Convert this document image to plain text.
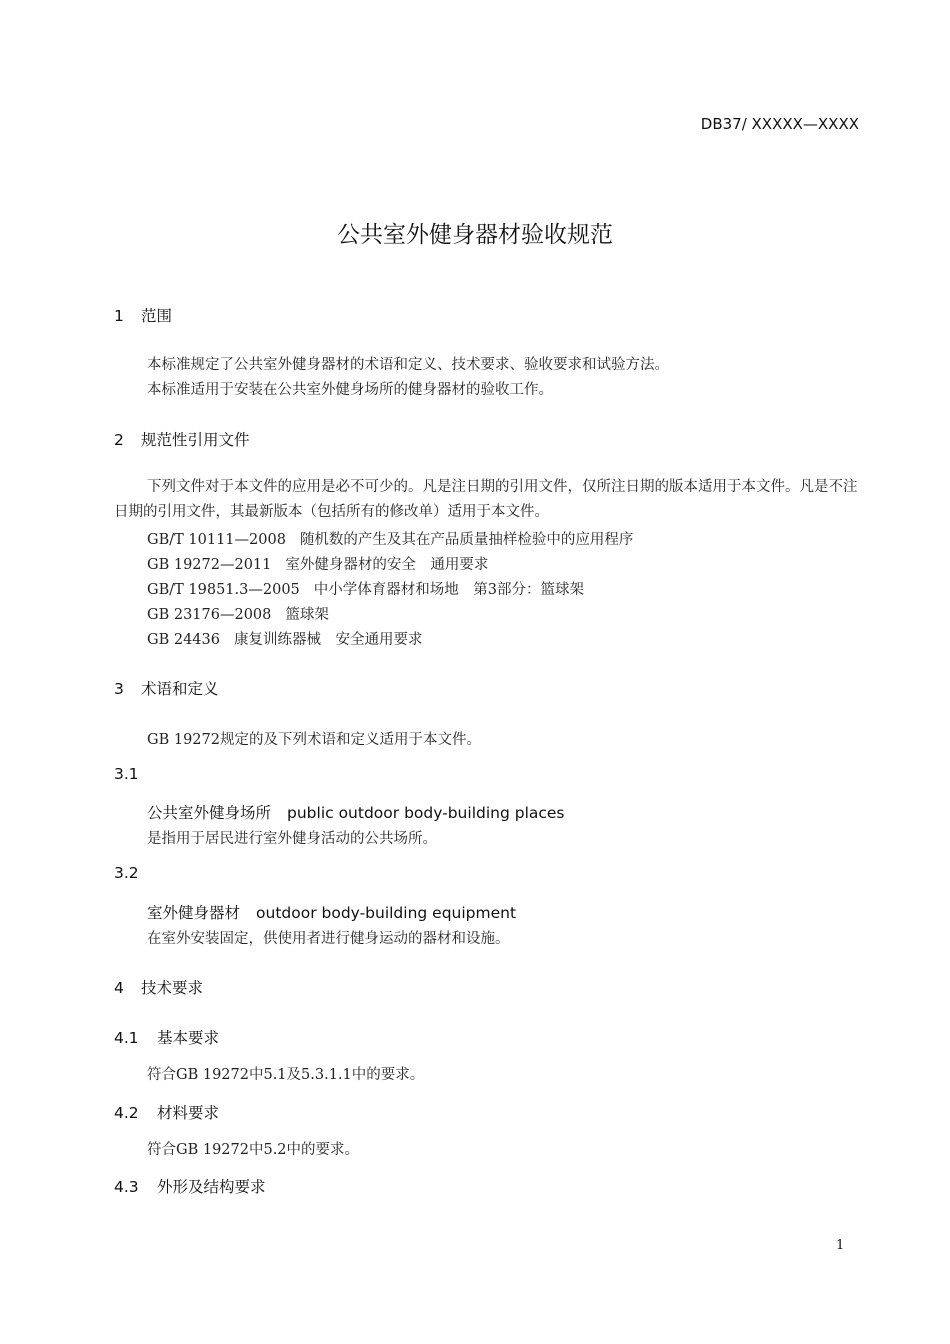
DB37/ XXXXX—XXXX
公共室外健身器材验收规范
1 范围
本标准规定了公共室外健身器材的术语和定义、技术要求、验收要求和试验方法。
本标准适用于安装在公共室外健身场所的健身器材的验收工作。
2 规范性引用文件
下列文件对于本文件的应用是必不可少的。凡是注日期的引用文件，仅所注日期的版本适用于本文件。凡是不注日期的引用文件，其最新版本（包括所有的修改单）适用于本文件。
GB/T 10111—2008 随机数的产生及其在产品质量抽样检验中的应用程序
GB 19272—2011 室外健身器材的安全　通用要求
GB/T 19851.3—2005 中小学体育器材和场地　第3部分：篮球架
GB 23176—2008 篮球架
GB 24436 康复训练器械　安全通用要求
3 术语和定义
GB 19272规定的及下列术语和定义适用于本文件。
3.1
公共室外健身场所 public outdoor body-building places
是指用于居民进行室外健身活动的公共场所。
3.2
室外健身器材 outdoor body-building equipment
在室外安装固定，供使用者进行健身运动的器材和设施。
4 技术要求
4.1 基本要求
符合GB 19272中5.1及5.3.1.1中的要求。
4.2 材料要求
符合GB 19272中5.2中的要求。
4.3 外形及结构要求
1
